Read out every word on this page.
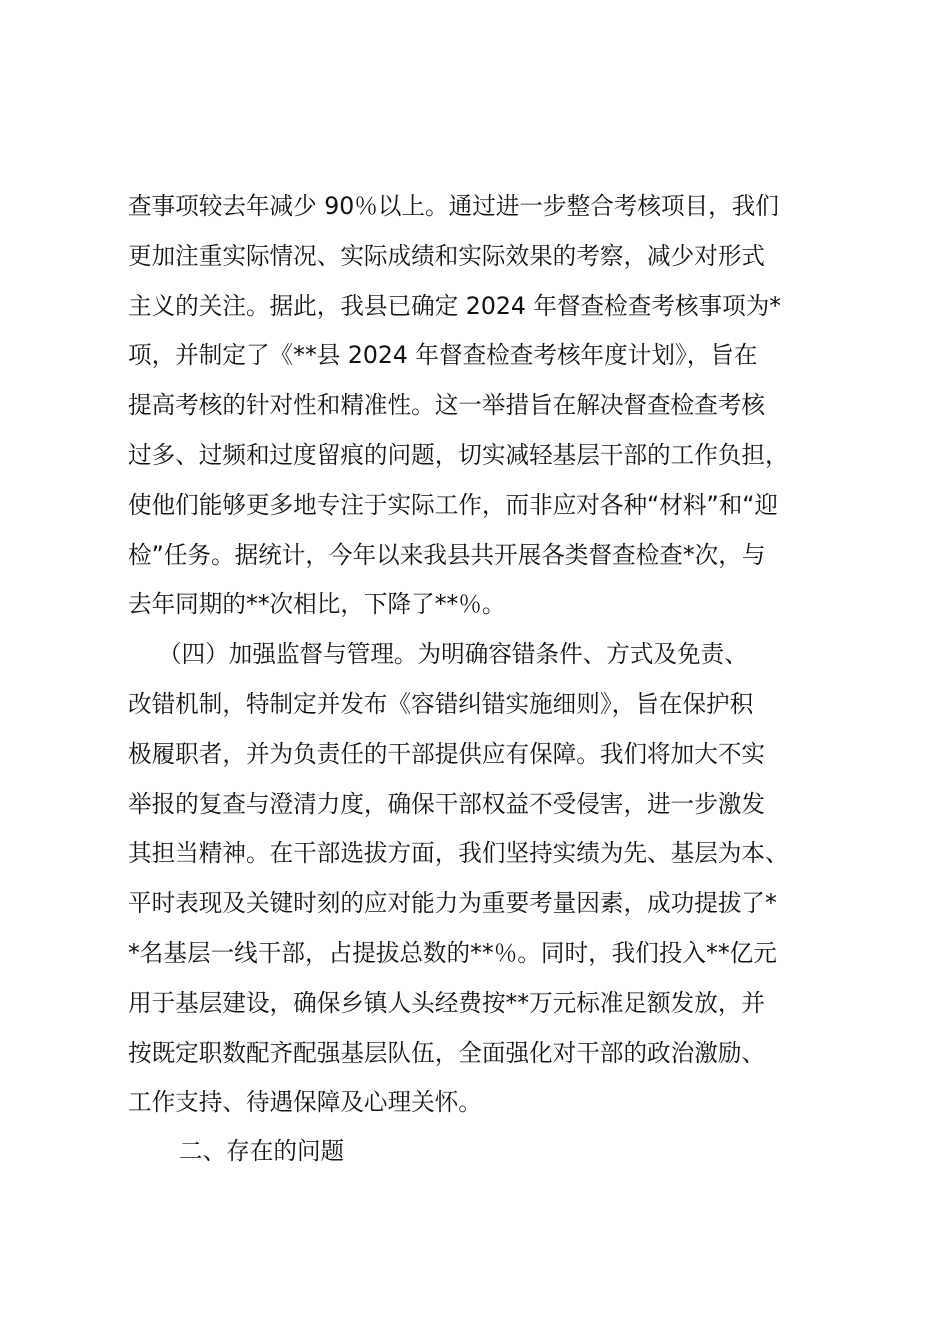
查事项较去年减少 90％以上。通过进一步整合考核项目，我们
更加注重实际情况、实际成绩和实际效果的考察，减少对形式
主义的关注。据此，我县已确定 2024 年督查检查考核事项为*
项，并制定了《**县 2024 年督查检查考核年度计划》，旨在
提高考核的针对性和精准性。这一举措旨在解决督查检查考核
过多、过频和过度留痕的问题，切实减轻基层干部的工作负担，
使他们能够更多地专注于实际工作，而非应对各种“材料”和“迎
检”任务。据统计，今年以来我县共开展各类督查检查*次，与
去年同期的**次相比，下降了**％。
（四）加强监督与管理。为明确容错条件、方式及免责、
改错机制，特制定并发布《容错纠错实施细则》，旨在保护积
极履职者，并为负责任的干部提供应有保障。我们将加大不实
举报的复查与澄清力度，确保干部权益不受侵害，进一步激发
其担当精神。在干部选拔方面，我们坚持实绩为先、基层为本、
平时表现及关键时刻的应对能力为重要考量因素，成功提拔了*
*名基层一线干部，占提拔总数的**％。同时，我们投入**亿元
用于基层建设，确保乡镇人头经费按**万元标准足额发放，并
按既定职数配齐配强基层队伍，全面强化对干部的政治激励、
工作支持、待遇保障及心理关怀。
二、存在的问题
